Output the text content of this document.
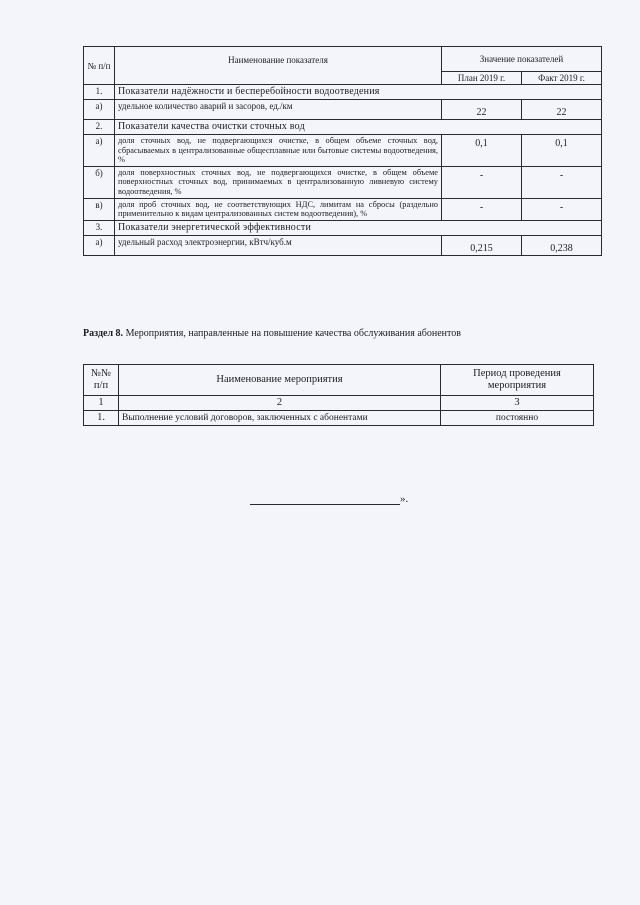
№ п/п	Наименование показателя	Значение показателей	
		План 2019 г.	Факт 2019 г.
1.	Показатели надёжности и бесперебойности водоотведения		
а)	удельное количество аварий и засоров, ед./км	22	22
2.	Показатели качества очистки сточных вод		
а)	доля сточных вод, не подвергающихся очистке, в общем объеме сточных вод, сбрасываемых в централизованные общесплавные или бытовые системы водоотведения, %	0,1	0,1
б)	доля поверхностных сточных вод, не подвергающихся очистке, в общем объеме поверхностных сточных вод, принимаемых в централизованную ливневую систему водоотведения, %	-	-
в)	доля проб сточных вод, не соответствующих НДС, лимитам на сбросы (раздельно применительно к видам централизованных систем водоотведения), %	-	-
3.	Показатели энергетической эффективности		
а)	удельный расход электроэнергии, кВтч/куб.м	0,215	0,238
Раздел 8. Мероприятия, направленные на повышение качества обслуживания абонентов
№№ п/п	Наименование мероприятия	Период проведения мероприятия
1	2	3
1.	Выполнение условий договоров, заключенных с абонентами	постоянно
».
